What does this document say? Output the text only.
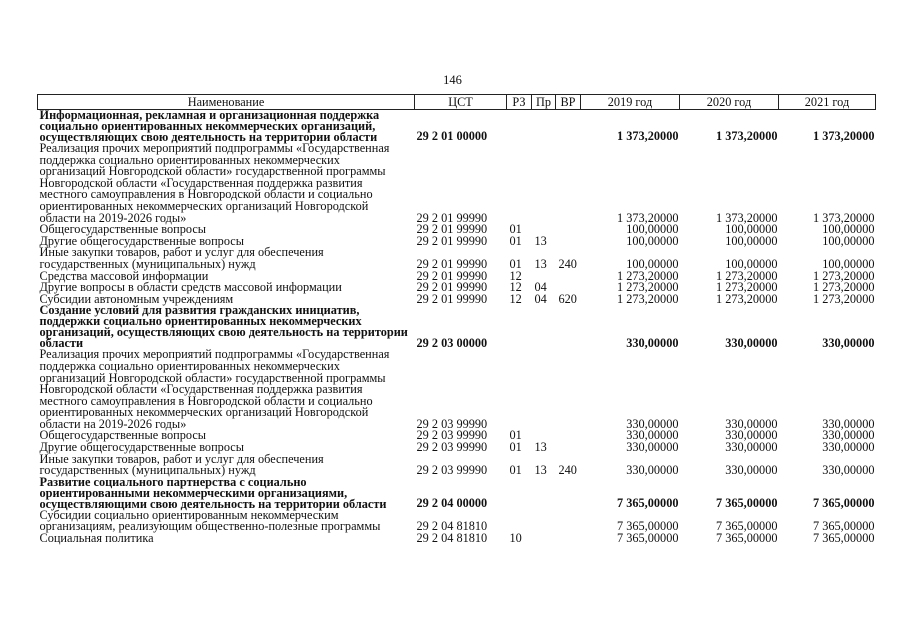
146
Наименование	ЦСТ	РЗ	Пр	ВР	2019 год	2020 год	2021 год
Информационная, рекламная и организационная поддержка социально ориентированных некоммерческих организаций, осуществляющих свою деятельность на территории области	29 2 01 00000				1 373,20000	1 373,20000	1 373,20000
Реализация прочих мероприятий подпрограммы «Государственная поддержка социально ориентированных некоммерческих организаций Новгородской области» государственной программы Новгородской области «Государственная поддержка развития местного самоуправления в Новгородской области и социально ориентированных некоммерческих организаций Новгородской области на 2019-2026 годы»	29 2 01 99990				1 373,20000	1 373,20000	1 373,20000
Общегосударственные вопросы	29 2 01 99990	01			100,00000	100,00000	100,00000
Другие общегосударственные вопросы	29 2 01 99990	01	13		100,00000	100,00000	100,00000
Иные закупки товаров, работ и услуг для обеспечения государственных (муниципальных) нужд	29 2 01 99990	01	13	240	100,00000	100,00000	100,00000
Средства массовой информации	29 2 01 99990	12			1 273,20000	1 273,20000	1 273,20000
Другие вопросы в области средств массовой информации	29 2 01 99990	12	04		1 273,20000	1 273,20000	1 273,20000
Субсидии автономным учреждениям	29 2 01 99990	12	04	620	1 273,20000	1 273,20000	1 273,20000
Создание условий для развития гражданских инициатив, поддержки социально ориентированных некоммерческих организаций, осуществляющих свою деятельность на территории области	29 2 03 00000				330,00000	330,00000	330,00000
Реализация прочих мероприятий подпрограммы «Государственная поддержка социально ориентированных некоммерческих организаций Новгородской области» государственной программы Новгородской области «Государственная поддержка развития местного самоуправления в Новгородской области и социально ориентированных некоммерческих организаций Новгородской области на 2019-2026 годы»	29 2 03 99990				330,00000	330,00000	330,00000
Общегосударственные вопросы	29 2 03 99990	01			330,00000	330,00000	330,00000
Другие общегосударственные вопросы	29 2 03 99990	01	13		330,00000	330,00000	330,00000
Иные закупки товаров, работ и услуг для обеспечения государственных (муниципальных) нужд	29 2 03 99990	01	13	240	330,00000	330,00000	330,00000
Развитие социального партнерства с социально ориентированными некоммерческими организациями, осуществляющими свою деятельность на территории области	29 2 04 00000				7 365,00000	7 365,00000	7 365,00000
Субсидии социально ориентированным некоммерческим организациям, реализующим общественно-полезные программы	29 2 04 81810				7 365,00000	7 365,00000	7 365,00000
Социальная политика	29 2 04 81810	10			7 365,00000	7 365,00000	7 365,00000
